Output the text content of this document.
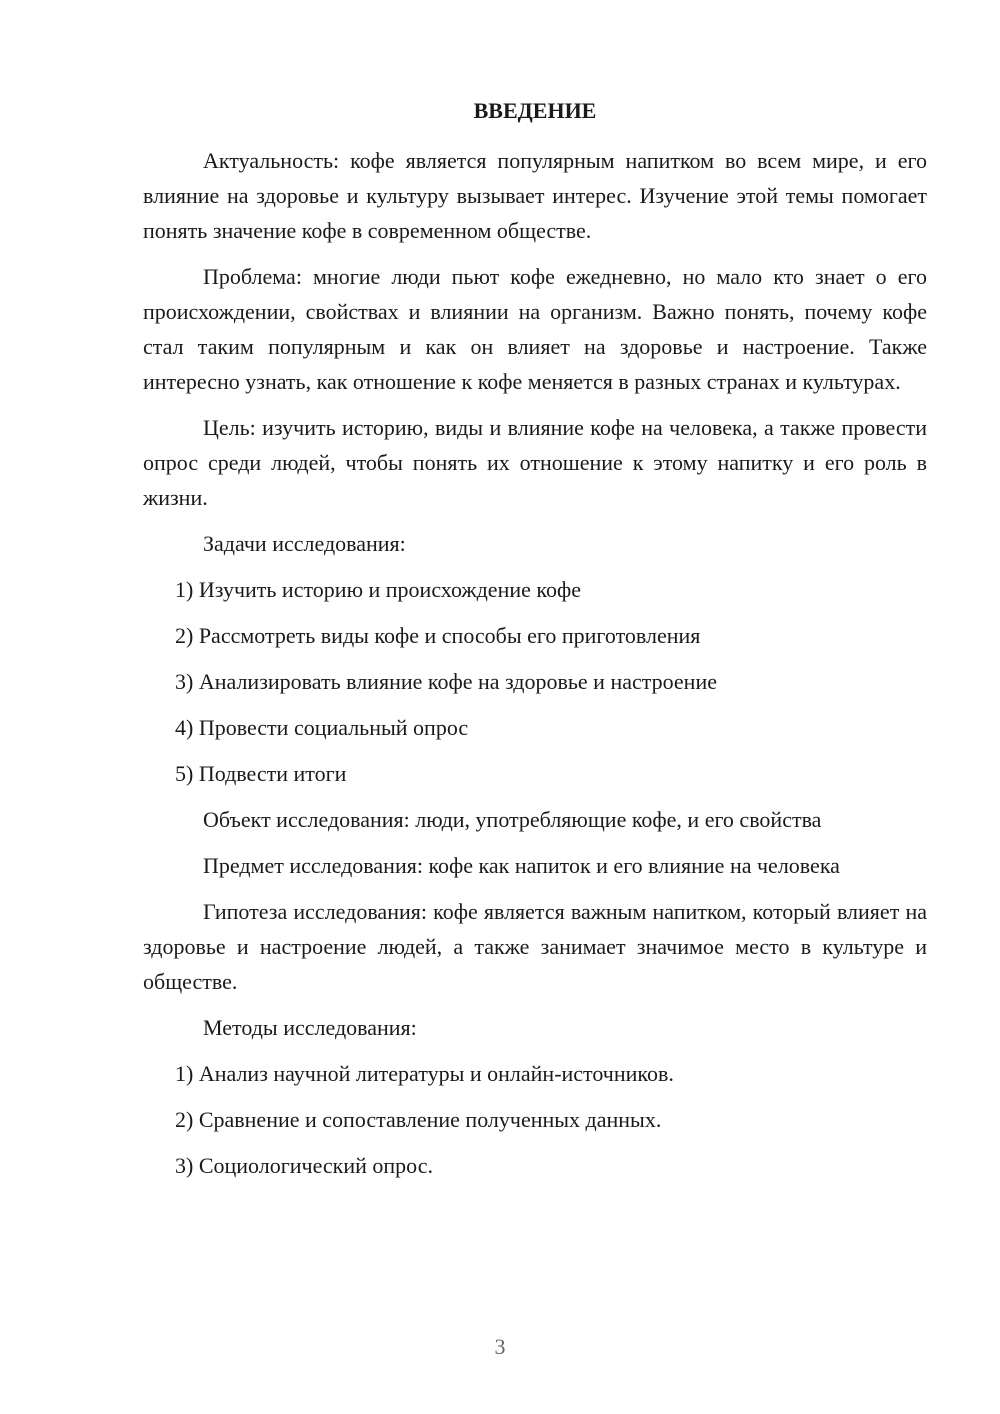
ВВЕДЕНИЕ

Актуальность: кофе является популярным напитком во всем мире, и его влияние на здоровье и культуру вызывает интерес. Изучение этой темы помогает понять значение кофе в современном обществе.

Проблема: многие люди пьют кофе ежедневно, но мало кто знает о его происхождении, свойствах и влиянии на организм. Важно понять, почему кофе стал таким популярным и как он влияет на здоровье и настроение. Также интересно узнать, как отношение к кофе меняется в разных странах и культурах.

Цель: изучить историю, виды и влияние кофе на человека, а также провести опрос среди людей, чтобы понять их отношение к этому напитку и его роль в жизни.

Задачи исследования:

1) Изучить историю и происхождение кофе

2) Рассмотреть виды кофе и способы его приготовления

3) Анализировать влияние кофе на здоровье и настроение

4) Провести социальный опрос

5) Подвести итоги

Объект исследования: люди, употребляющие кофе, и его свойства

Предмет исследования: кофе как напиток и его влияние на человека

Гипотеза исследования: кофе является важным напитком, который влияет на здоровье и настроение людей, а также занимает значимое место в культуре и обществе.

Методы исследования:

1) Анализ научной литературы и онлайн-источников.

2) Сравнение и сопоставление полученных данных.

3) Социологический опрос.

3
